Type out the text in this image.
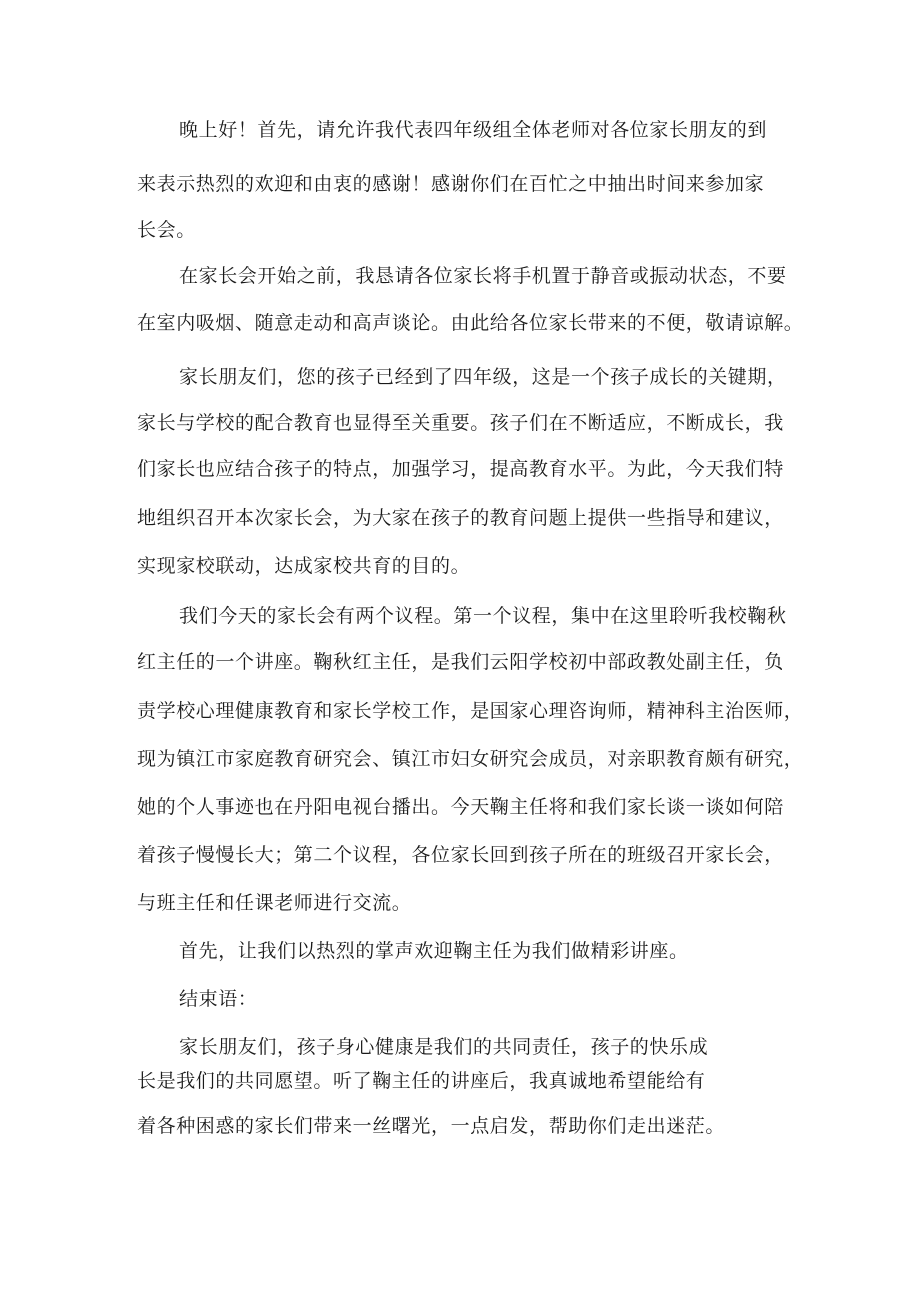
晚上好！首先，请允许我代表四年级组全体老师对各位家长朋友的到
来表示热烈的欢迎和由衷的感谢！感谢你们在百忙之中抽出时间来参加家
长会。
在家长会开始之前，我恳请各位家长将手机置于静音或振动状态，不要
在室内吸烟、随意走动和高声谈论。由此给各位家长带来的不便，敬请谅解。
家长朋友们，您的孩子已经到了四年级，这是一个孩子成长的关键期，
家长与学校的配合教育也显得至关重要。孩子们在不断适应，不断成长，我
们家长也应结合孩子的特点，加强学习，提高教育水平。为此，今天我们特
地组织召开本次家长会，为大家在孩子的教育问题上提供一些指导和建议，
实现家校联动，达成家校共育的目的。
我们今天的家长会有两个议程。第一个议程，集中在这里聆听我校鞠秋
红主任的一个讲座。鞠秋红主任，是我们云阳学校初中部政教处副主任，负
责学校心理健康教育和家长学校工作，是国家心理咨询师，精神科主治医师，
现为镇江市家庭教育研究会、镇江市妇女研究会成员，对亲职教育颇有研究，
她的个人事迹也在丹阳电视台播出。今天鞠主任将和我们家长谈一谈如何陪
着孩子慢慢长大；第二个议程，各位家长回到孩子所在的班级召开家长会，
与班主任和任课老师进行交流。
首先，让我们以热烈的掌声欢迎鞠主任为我们做精彩讲座。
结束语：
家长朋友们，孩子身心健康是我们的共同责任，孩子的快乐成
长是我们的共同愿望。听了鞠主任的讲座后，我真诚地希望能给有
着各种困惑的家长们带来一丝曙光，一点启发，帮助你们走出迷茫。
